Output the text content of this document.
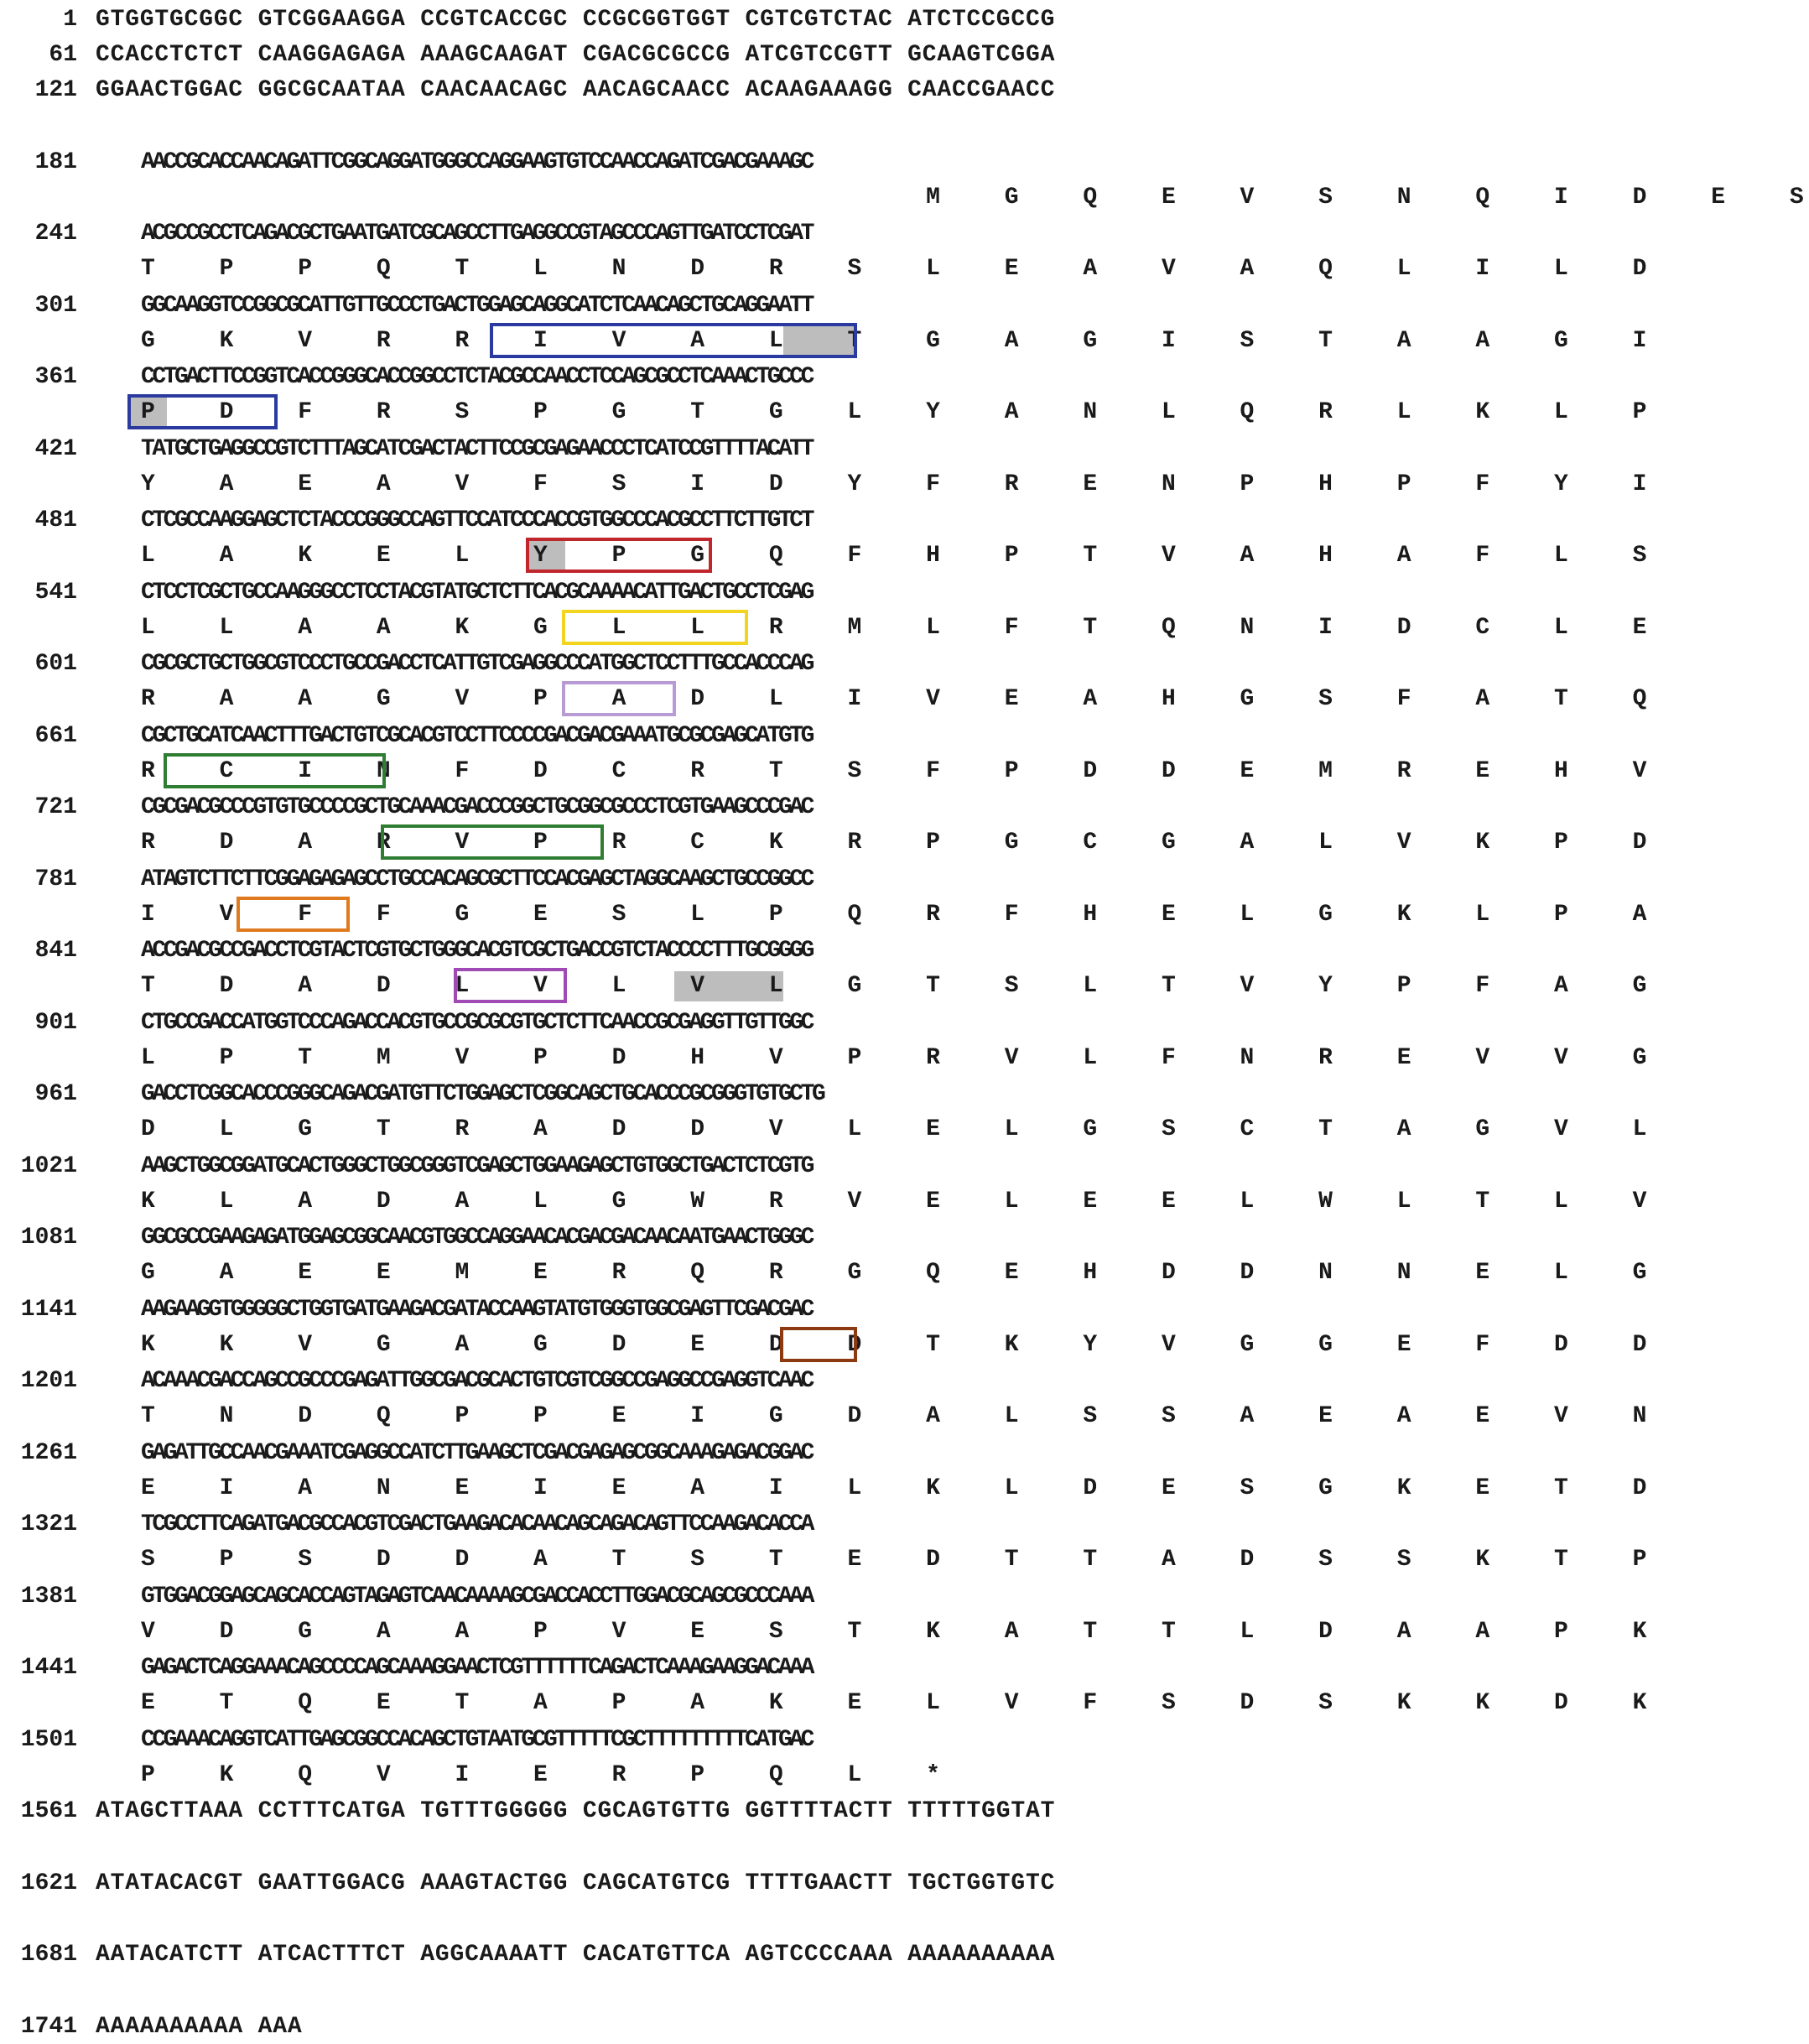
1 GTGGTGCGGC GTCGGAAGGA CCGTCACCGC CCGCGGTGGT CGTCGTCTAC ATCTCCGCCG
61 CCACCTCTCT CAAGGAGAGA AAAGCAAGAT CGACGCGCCG ATCGTCCGTT GCAAGTCGGA
121 GGAACTGGAC GGCGCAATAA CAACAACAGC AACAGCAACC ACAAGAAAGG CAACCGAACC
181	AACCGCACCAACAGATTCGGCAGGATGGGCCAGGAAGTGTCCAACCAGATCGACGAAAGC
M   G   Q   E   V   S   N   Q   I   D   E   S
241	ACGCCGCCTCAGACGCTGAATGATCGCAGCCTTGAGGCCGTAGCCCAGTTGATCCTCGAT
T   P   P   Q   T   L   N   D   R   S   L   E   A   V   A   Q   L   I   L   D
301	GGCAAGGTCCGGCGCATTGTTGCCCTGACTGGAGCAGGCATCTCAACAGCTGCAGGAATT
G   K   V   R   R   I   V   A   L   T   G   A   G   I   S   T   A   A   G   I
361	CCTGACTTCCGGTCACCGGGCACCGGCCTCTACGCCAACCTCCAGCGCCTCAAACTGCCC
P   D   F   R   S   P   G   T   G   L   Y   A   N   L   Q   R   L   K   L   P
421	TATGCTGAGGCCGTCTTTAGCATCGACTACTTCCGCGAGAACCCTCATCCGTTTTACATT
Y   A   E   A   V   F   S   I   D   Y   F   R   E   N   P   H   P   F   Y   I
481	CTCGCCAAGGAGCTCTACCCGGGCCAGTTCCATCCCACCGTGGCCCACGCCTTCTTGTCT
L   A   K   E   L   Y   P   G   Q   F   H   P   T   V   A   H   A   F   L   S
541	CTCCTCGCTGCCAAGGGCCTCCTACGTATGCTCTTCACGCAAAACATTGACTGCCTCGAG
L   L   A   A   K   G   L   L   R   M   L   F   T   Q   N   I   D   C   L   E
601	CGCGCTGCTGGCGTCCCTGCCGACCTCATTGTCGAGGCCCATGGCTCCTTTGCCACCCAG
R   A   A   G   V   P   A   D   L   I   V   E   A   H   G   S   F   A   T   Q
661	CGCTGCATCAACTTTGACTGTCGCACGTCCTTCCCCGACGACGAAATGCGCGAGCATGTG
R   C   I   N   F   D   C   R   T   S   F   P   D   D   E   M   R   E   H   V
721	CGCGACGCCCGTGTGCCCCGCTGCAAACGACCCGGCTGCGGCGCCCTCGTGAAGCCCGAC
R   D   A   R   V   P   R   C   K   R   P   G   C   G   A   L   V   K   P   D
781	ATAGTCTTCTTCGGAGAGAGCCTGCCACAGCGCTTCCACGAGCTAGGCAAGCTGCCGGCC
I   V   F   F   G   E   S   L   P   Q   R   F   H   E   L   G   K   L   P   A
841	ACCGACGCCGACCTCGTACTCGTGCTGGGCACGTCGCTGACCGTCTACCCCTTTGCGGGG
T   D   A   D   L   V   L   V   L   G   T   S   L   T   V   Y   P   F   A   G
901	CTGCCGACCATGGTCCCAGACCACGTGCCGCGCGTGCTCTTCAACCGCGAGGTTGTTGGC
L   P   T   M   V   P   D   H   V   P   R   V   L   F   N   R   E   V   V   G
961	GACCTCGGCACCCGGGCAGACGATGTTCTGGAGCTCGGCAGCTGCACCCGCGGGTGTGCTG
D   L   G   T   R   A   D   D   V   L   E   L   G   S   C   T   A   G   V   L
1021	AAGCTGGCGGATGCACTGGGCTGGCGGGTCGAGCTGGAAGAGCTGTGGCTGACTCTCGTG
K   L   A   D   A   L   G   W   R   V   E   L   E   E   L   W   L   T   L   V
1081	GGCGCCGAAGAGATGGAGCGGCAACGTGGCCAGGAACACGACGACAACAATGAACTGGGC
G   A   E   E   M   E   R   Q   R   G   Q   E   H   D   D   N   N   E   L   G
1141	AAGAAGGTGGGGGCTGGTGATGAAGACGATACCAAGTATGTGGGTGGCGAGTTCGACGAC
K   K   V   G   A   G   D   E   D   D   T   K   Y   V   G   G   E   F   D   D
1201	ACAAACGACCAGCCGCCCGAGATTGGCGACGCACTGTCGTCGGCCGAGGCCGAGGTCAAC
T   N   D   Q   P   P   E   I   G   D   A   L   S   S   A   E   A   E   V   N
1261	GAGATTGCCAACGAAATCGAGGCCATCTTGAAGCTCGACGAGAGCGGCAAAGAGACGGAC
E   I   A   N   E   I   E   A   I   L   K   L   D   E   S   G   K   E   T   D
1321	TCGCCTTCAGATGACGCCACGTCGACTGAAGACACAACAGCAGACAGTTCCAAGACACCA
S   P   S   D   D   A   T   S   T   E   D   T   T   A   D   S   S   K   T   P
1381	GTGGACGGAGCAGCACCAGTAGAGTCAACAAAAGCGACCACCTTGGACGCAGCGCCCAAA
V   D   G   A   A   P   V   E   S   T   K   A   T   T   L   D   A   A   P   K
1441	GAGACTCAGGAAACAGCCCCAGCAAAGGAACTCGTTTTTTCAGACTCAAAGAAGGACAAA
E   T   Q   E   T   A   P   A   K   E   L   V   F   S   D   S   K   K   D   K
1501	CCGAAACAGGTCATTGAGCGGCCACAGCTGTAATGCGTTTTTCGCTTTTTTTTTCATGAC
P   K   Q   V   I   E   R   P   Q   L   *
1561 ATAGCTTAAA CCTTTCATGA TGTTTGGGGG CGCAGTGTTG GGTTTTACTT TTTTTGGTAT
1621 ATATACACGT GAATTGGACG AAAGTACTGG CAGCATGTCG TTTTGAACTT TGCTGGTGTC
1681 AATACATCTT ATCACTTTCT AGGCAAAATT CACATGTTCA AGTCCCCAAA AAAAAAAAAA
1741 AAAAAAAAAA AAA
